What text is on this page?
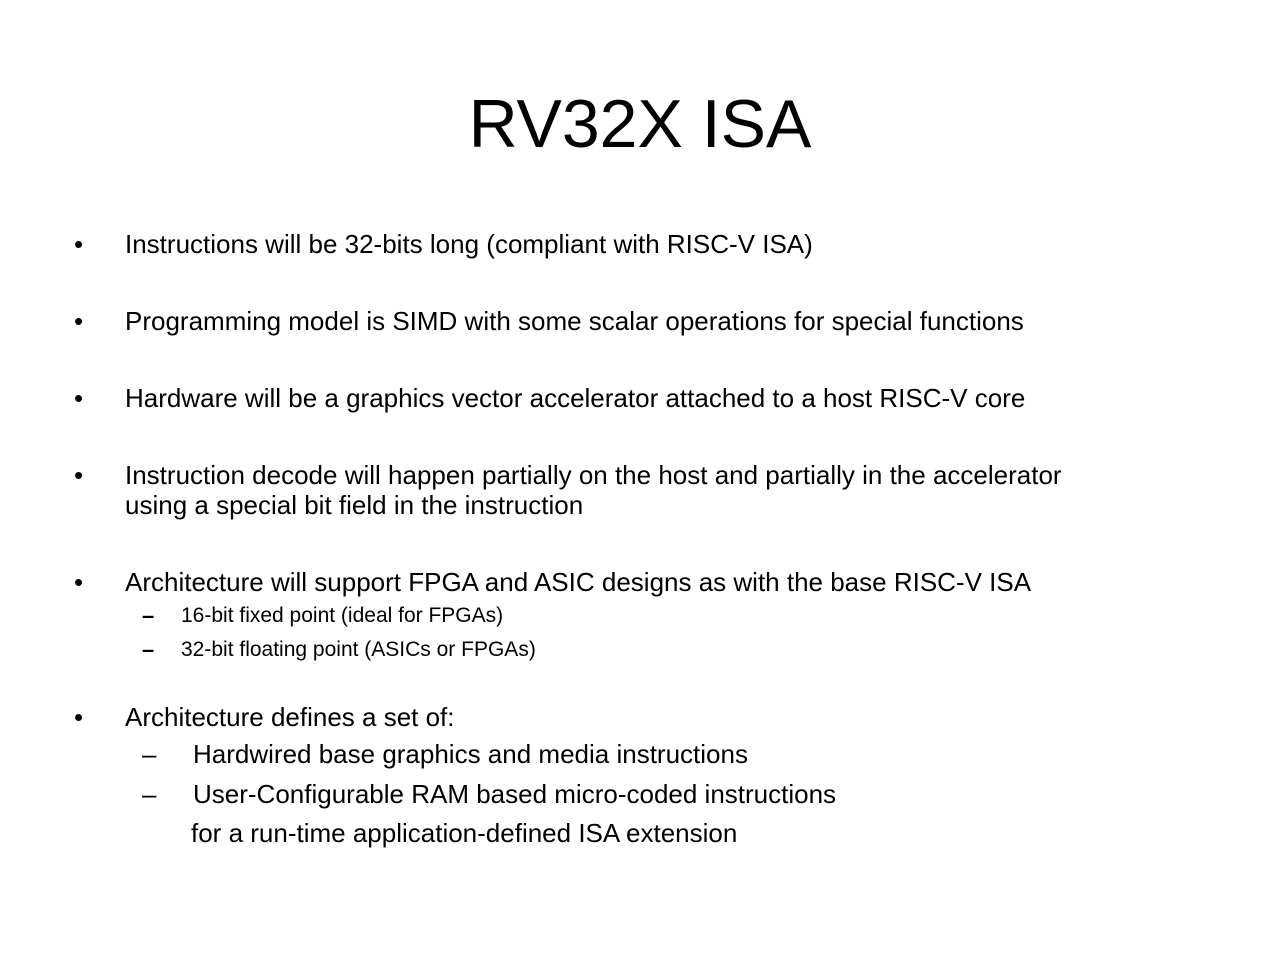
RV32X ISA
• Instructions will be 32-bits long (compliant with RISC-V ISA)
• Programming model is SIMD with some scalar operations for special functions
• Hardware will be a graphics vector accelerator attached to a host RISC-V core
• Instruction decode will happen partially on the host and partially in the accelerator
using a special bit field in the instruction
• Architecture will support FPGA and ASIC designs as with the base RISC-V ISA
– 16-bit fixed point (ideal for FPGAs)
– 32-bit floating point (ASICs or FPGAs)
• Architecture defines a set of:
– Hardwired base graphics and media instructions
– User-Configurable RAM based micro-coded instructions
for a run-time application-defined ISA extension
